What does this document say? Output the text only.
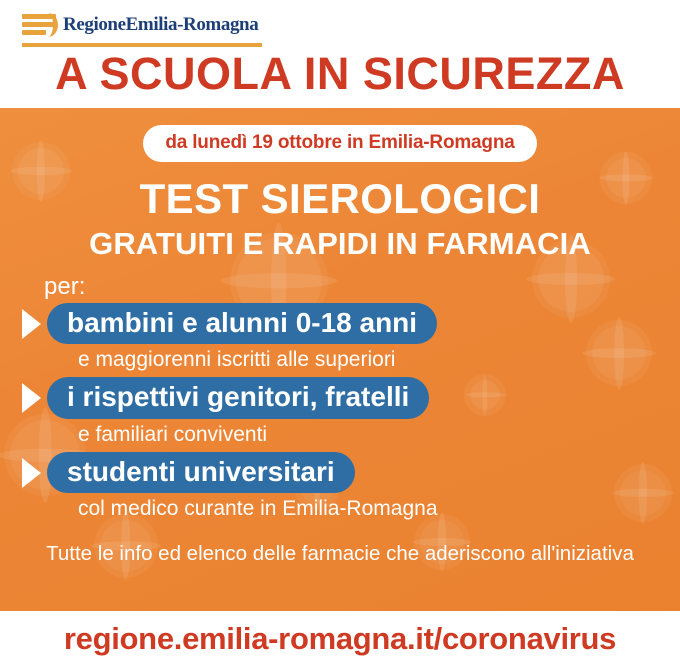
RegioneEmilia-Romagna
A SCUOLA IN SICUREZZA
da lunedì 19 ottobre in Emilia-Romagna
TEST SIEROLOGICI
GRATUITI E RAPIDI IN FARMACIA
per:
bambini e alunni 0-18 anni
e maggiorenni iscritti alle superiori
i rispettivi genitori, fratelli
e familiari conviventi
studenti universitari
col medico curante in Emilia-Romagna
Tutte le info ed elenco delle farmacie che aderiscono all'iniziativa
regione.emilia-romagna.it/coronavirus
